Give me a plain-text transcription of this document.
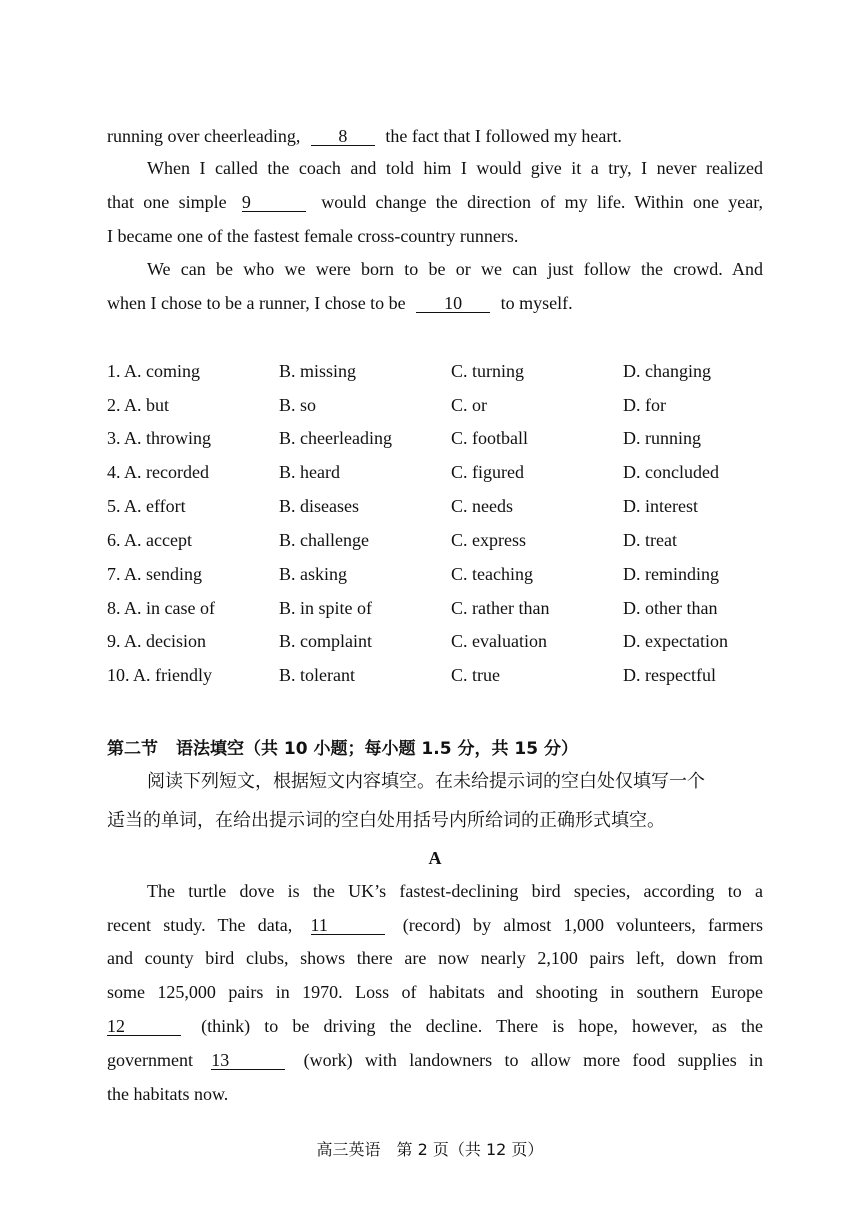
running over cheerleading, 8 the fact that I followed my heart.
When I called the coach and told him I would give it a try, I never realized
that one simple 9	would change the direction of my life. Within one year,
I became one of the fastest female cross-country runners.
We can be who we were born to be or we can just follow the crowd. And
when I chose to be a runner, I chose to be 10 to myself.
1. A. coming	B. missing	C. turning	D. changing
2. A. but	B. so	C. or	D. for
3. A. throwing	B. cheerleading	C. football	D. running
4. A. recorded	B. heard	C. figured	D. concluded
5. A. effort	B. diseases	C. needs	D. interest
6. A. accept	B. challenge	C. express	D. treat
7. A. sending	B. asking	C. teaching	D. reminding
8. A. in case of	B. in spite of	C. rather than	D. other than
9. A. decision	B. complaint	C. evaluation	D. expectation
10. A. friendly	B. tolerant	C. true	D. respectful
第二节 语法填空（共 10 小题；每小题 1.5 分，共 15 分）
阅读下列短文，根据短文内容填空。在未给提示词的空白处仅填写一个
适当的单词，在给出提示词的空白处用括号内所给词的正确形式填空。
A
The turtle dove is the UK’s fastest-declining bird species, according to a
recent study. The data, 11	(record) by almost 1,000 volunteers, farmers
and county bird clubs, shows there are now nearly 2,100 pairs left, down from
some 125,000 pairs in 1970. Loss of habitats and shooting in southern Europe
12	(think) to be driving the decline. There is hope, however, as the
government 13	(work) with landowners to allow more food supplies in
the habitats now.
高三英语　第 2 页（共 12 页）
